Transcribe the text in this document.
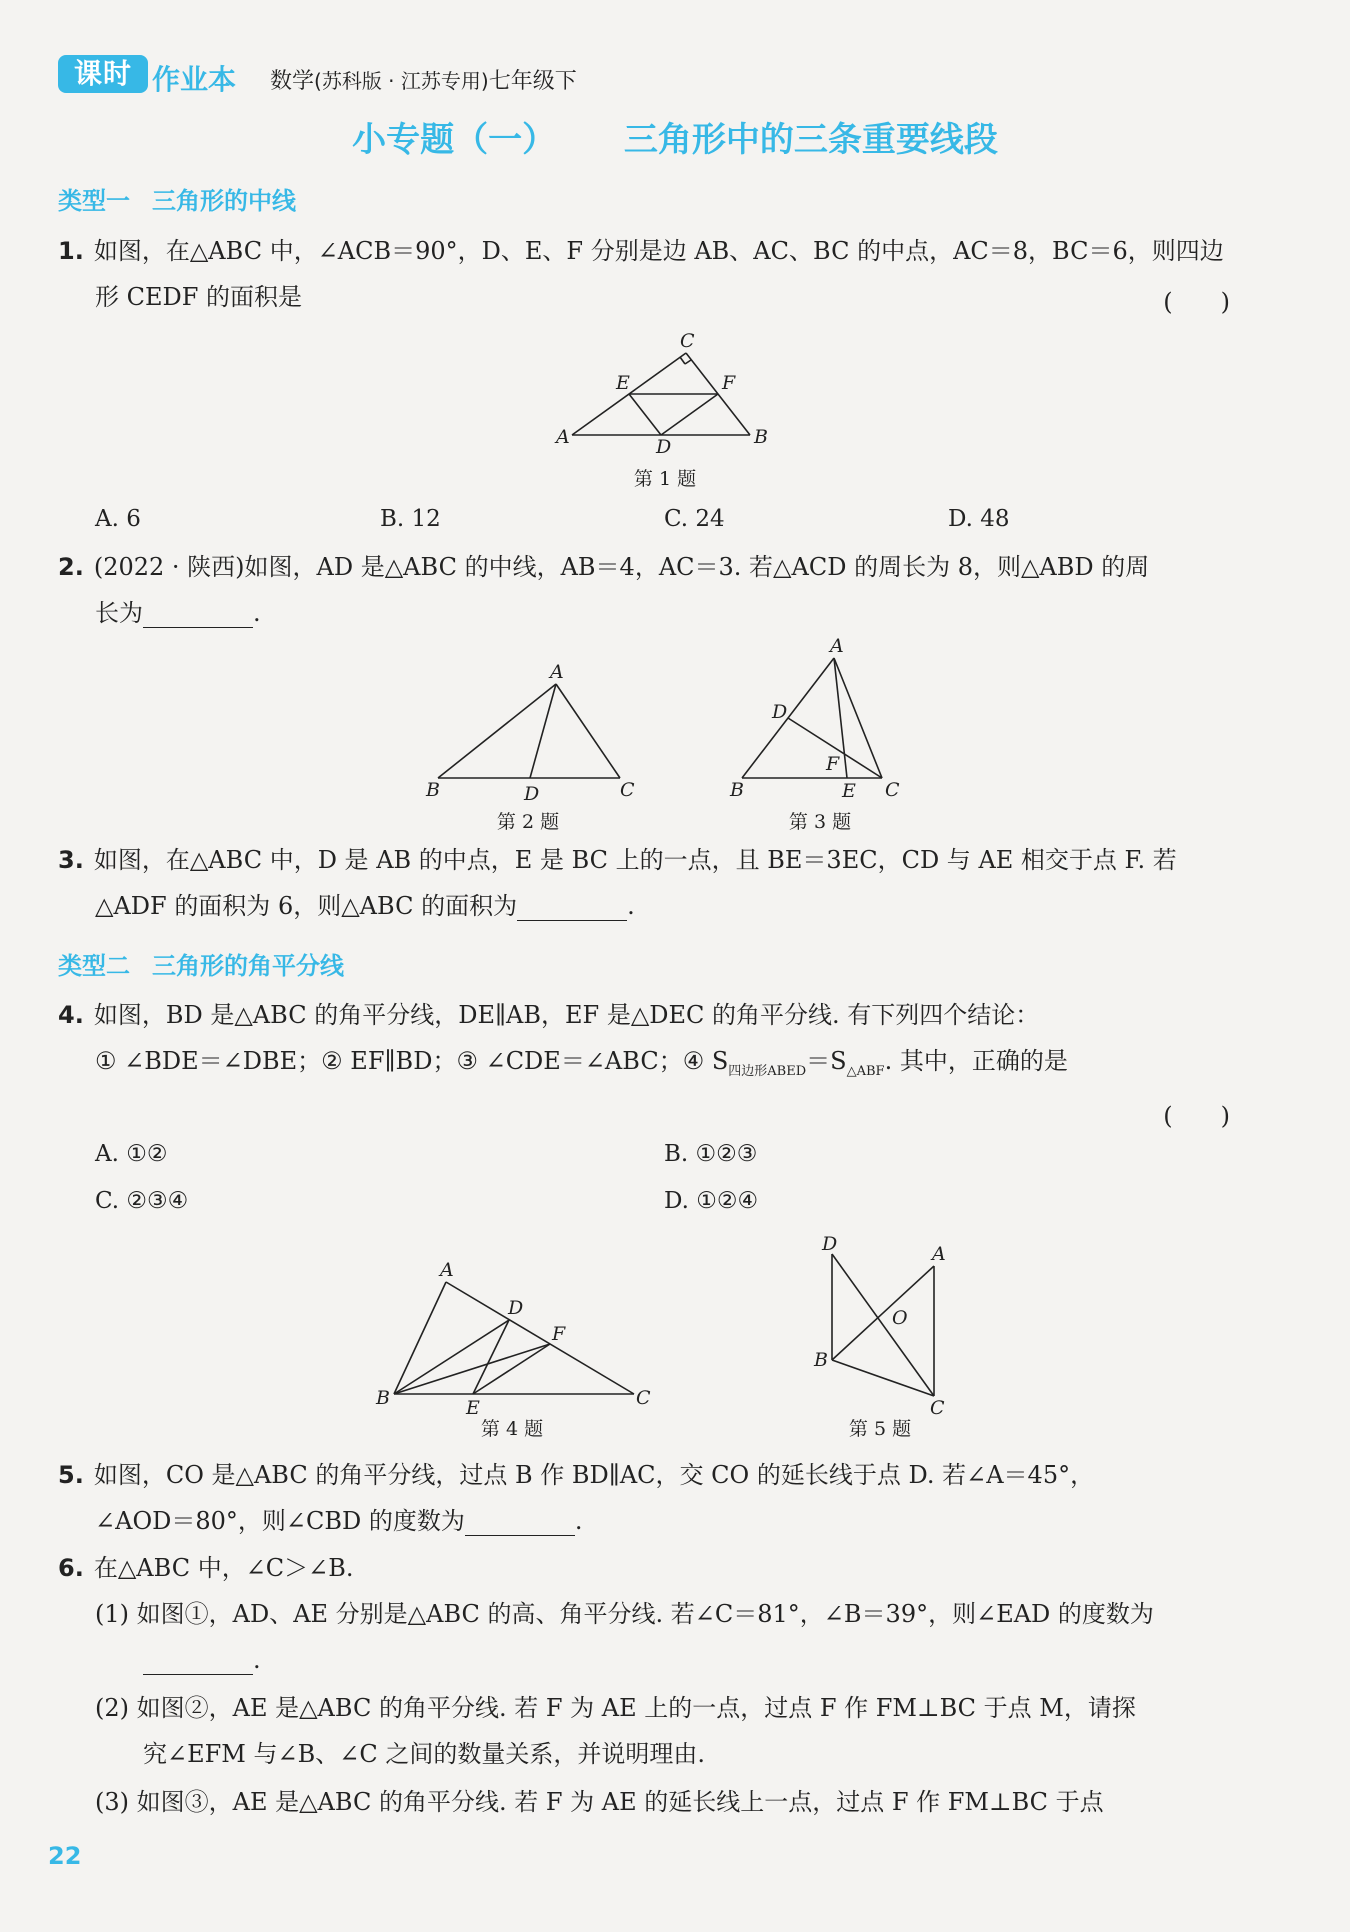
课时 作业本 数学(苏科版 · 江苏专用)七年级下
小专题（一） 三角形中的三条重要线段
类型一 三角形的中线
1. 如图，在△ABC 中，∠ACB＝90°，D、E、F 分别是边 AB、AC、BC 的中点，AC＝8，BC＝6，则四边
形 CEDF 的面积是	(　　)
A	B
C
D
E	F
第 1 题
A. 6	B. 12	C. 24	D. 48
2. (2022 · 陕西)如图，AD 是△ABC 的中线，AB＝4，AC＝3. 若△ACD 的周长为 8，则△ABD 的周
长为	.
A
B	C
D
第 2 题
A
B	C
D
E
F
第 3 题
3. 如图，在△ABC 中，D 是 AB 的中点，E 是 BC 上的一点，且 BE＝3EC，CD 与 AE 相交于点 F. 若
△ADF 的面积为 6，则△ABC 的面积为	.
类型二 三角形的角平分线
4. 如图，BD 是△ABC 的角平分线，DE∥AB，EF 是△DEC 的角平分线. 有下列四个结论：
① ∠BDE＝∠DBE；② EF∥BD；③ ∠CDE＝∠ABC；④ $S_{四边形ABED}=S_{\triangle ABF}$. 其中，正确的是
(　　)
A. ①②	B. ①②③
C. ②③④	D. ①②④
A
B	C
D
E
F
第 4 题
D	A
B
C
O
第 5 题
5. 如图，CO 是△ABC 的角平分线，过点 B 作 BD∥AC，交 CO 的延长线于点 D. 若∠A＝45°，
∠AOD＝80°，则∠CBD 的度数为	.
6. 在△ABC 中，∠C＞∠B.
(1) 如图①，AD、AE 分别是△ABC 的高、角平分线. 若∠C＝81°，∠B＝39°，则∠EAD 的度数为
.
(2) 如图②，AE 是△ABC 的角平分线. 若 F 为 AE 上的一点，过点 F 作 FM⊥BC 于点 M，请探
究∠EFM 与∠B、∠C 之间的数量关系，并说明理由.
(3) 如图③，AE 是△ABC 的角平分线. 若 F 为 AE 的延长线上一点，过点 F 作 FM⊥BC 于点
22
